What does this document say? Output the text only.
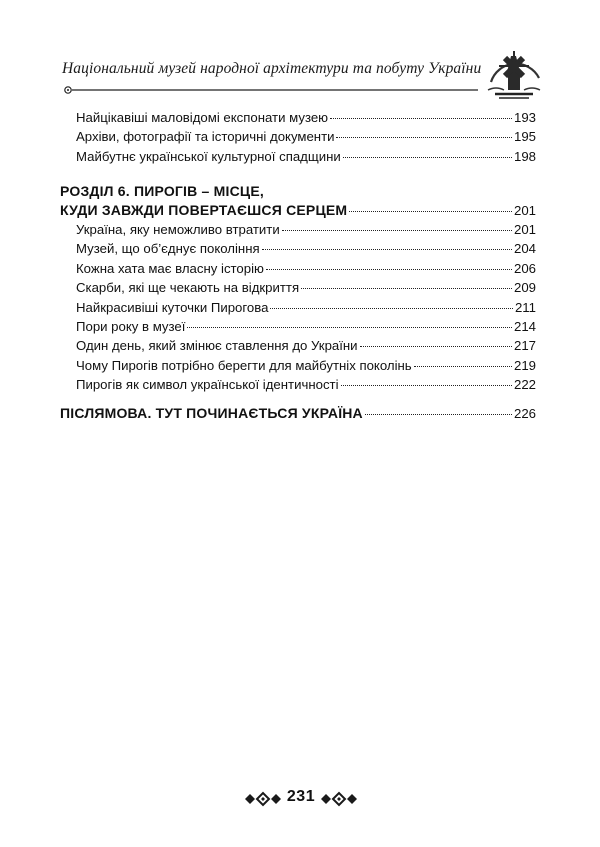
Національний музей народної архітектури та побуту України
Найцікавіші маловідомі експонати музею	193
Архіви, фотографії та історичні документи	195
Майбутнє української культурної спадщини	198
РОЗДІЛ 6. ПИРОГІВ – МІСЦЕ,
КУДИ ЗАВЖДИ ПОВЕРТАЄШСЯ СЕРЦЕМ	201
Україна, яку неможливо втратити	201
Музей, що об’єднує покоління	204
Кожна хата має власну історію	206
Скарби, які ще чекають на відкриття	209
Найкрасивіші куточки Пирогова	211
Пори року в музеї	214
Один день, який змінює ставлення до України	217
Чому Пирогів потрібно берегти для майбутніх поколінь	219
Пирогів як символ української ідентичності	222
ПІСЛЯМОВА. ТУТ ПОЧИНАЄТЬСЯ УКРАЇНА	226
231
